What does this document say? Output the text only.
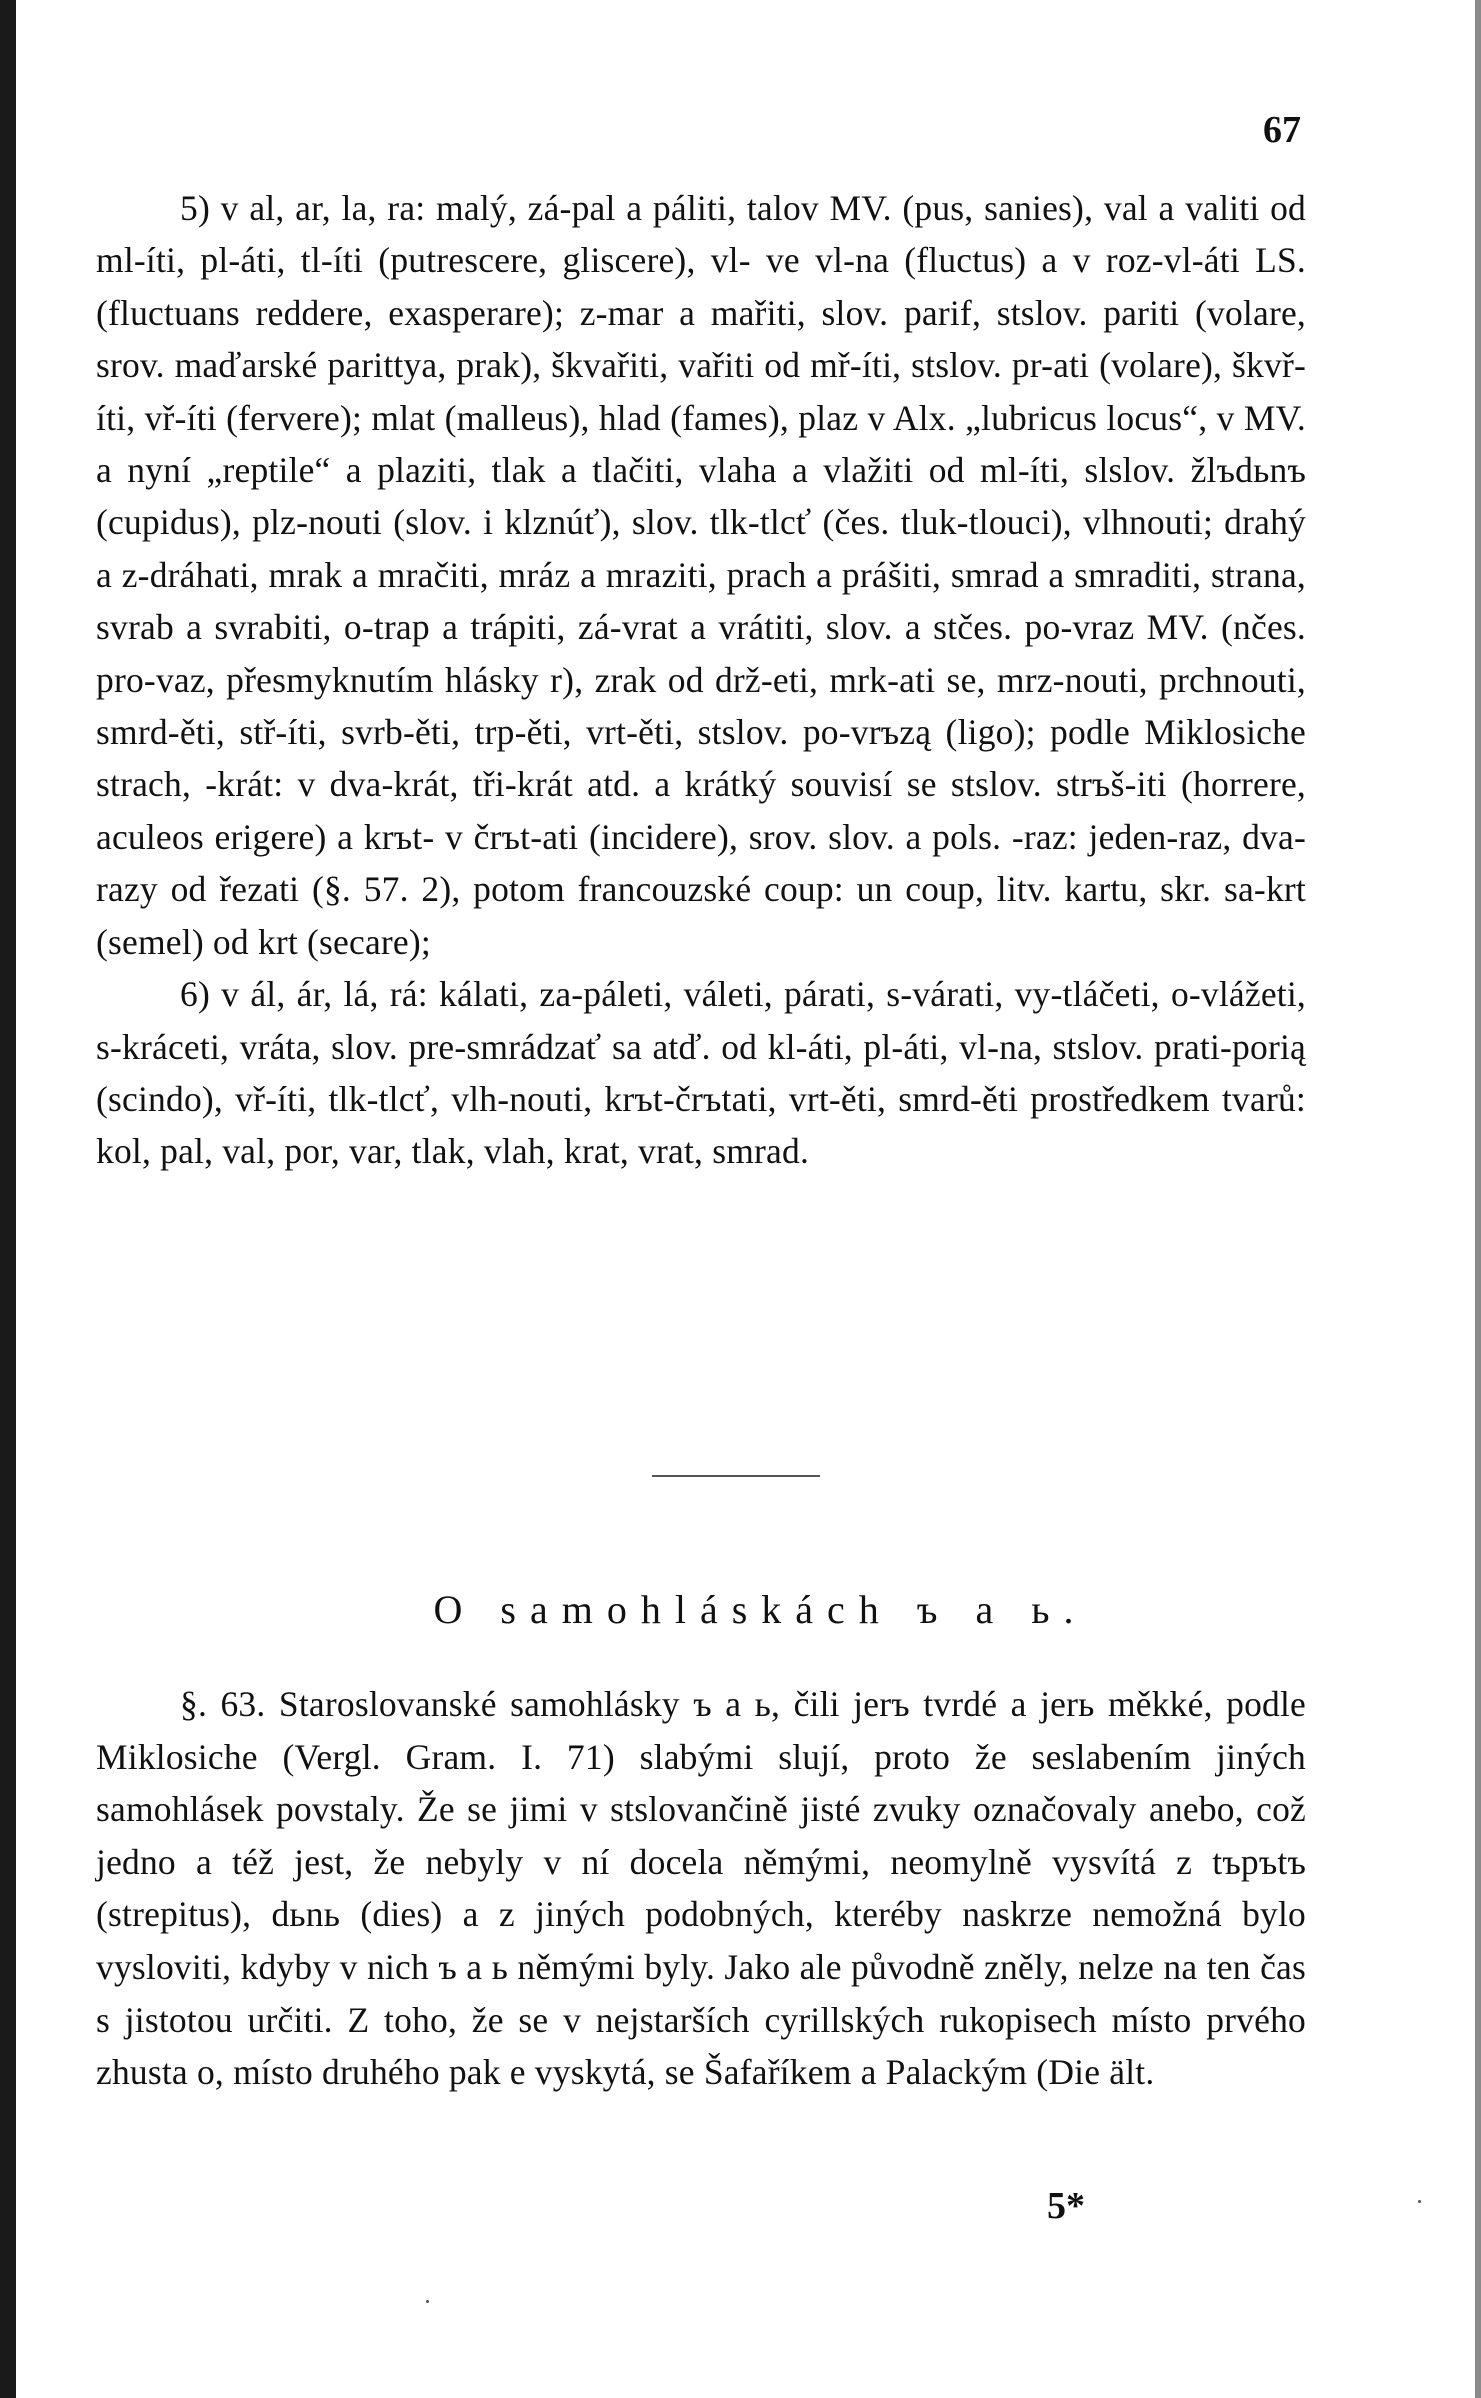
67

5) v al, ar, la, ra: malý, zá-pal a páliti, talov MV. (pus, sanies), val a valiti od ml-íti, pl-áti, tl-íti (putrescere, gliscere), vl- ve vl-na (fluctus) a v roz-vl-áti LS. (fluctuans reddere, exasperare); z-mar a mařiti, slov. parif, stslov. pariti (volare, srov. maďarské parittya, prak), škvařiti, vařiti od mř-íti, stslov. pr-ati (volare), škvř-íti, vř-íti (fervere); mlat (malleus), hlad (fames), plaz v Alx. „lubricus locus“, v MV. a nyní „reptile“ a plaziti, tlak a tlačiti, vlaha a vlažiti od ml-íti, slslov. žlъdьnъ (cupidus), plz-nouti (slov. i klznúť), slov. tlk-tlcť (čes. tluk-tlouci), vlhnouti; drahý a z-dráhati, mrak a mračiti, mráz a mraziti, prach a prášiti, smrad a smraditi, strana, svrab a svrabiti, o-trap a trápiti, zá-vrat a vrátiti, slov. a stčes. po-vraz MV. (nčes. pro-vaz, přesmyknutím hlásky r), zrak od drž-eti, mrk-ati se, mrz-nouti, prchnouti, smrd-ěti, stř-íti, svrb-ěti, trp-ěti, vrt-ěti, stslov. po-vrъzą (ligo); podle Miklosiche strach, -krát: v dva-krát, tři-krát atd. a krátký souvisí se stslov. strъš-iti (horrere, aculeos erigere) a krъt- v črъt-ati (incidere), srov. slov. a pols. -raz: jeden-raz, dva-razy od řezati (§. 57. 2), potom francouzské coup: un coup, litv. kartu, skr. sa-krt (semel) od krt (secare);

6) v ál, ár, lá, rá: kálati, za-páleti, váleti, párati, s-várati, vy-tláčeti, o-vlážeti, s-kráceti, vráta, slov. pre-smrádzať sa atď. od kl-áti, pl-áti, vl-na, stslov. prati-porią (scindo), vř-íti, tlk-tlcť, vlh-nouti, krъt-črъtati, vrt-ěti, smrd-ěti prostředkem tvarů: kol, pal, val, por, var, tlak, vlah, krat, vrat, smrad.

O samohláskách ъ a ь.

§. 63. Staroslovanské samohlásky ъ a ь, čili jerъ tvrdé a jerь měkké, podle Miklosiche (Vergl. Gram. I. 71) slabými slují, proto že seslabením jiných samohlásek povstaly. Že se jimi v stslovančině jisté zvuky označovaly anebo, což jedno a též jest, že nebyly v ní docela němými, neomylně vysvítá z tъpъtъ (strepitus), dьnь (dies) a z jiných podobných, kteréby naskrze nemožná bylo vysloviti, kdyby v nich ъ a ь němými byly. Jako ale původně zněly, nelze na ten čas s jistotou určiti. Z toho, že se v nejstarších cyrillských rukopisech místo prvého zhusta o, místo druhého pak e vyskytá, se Šafaříkem a Palackým (Die ält.

5*
